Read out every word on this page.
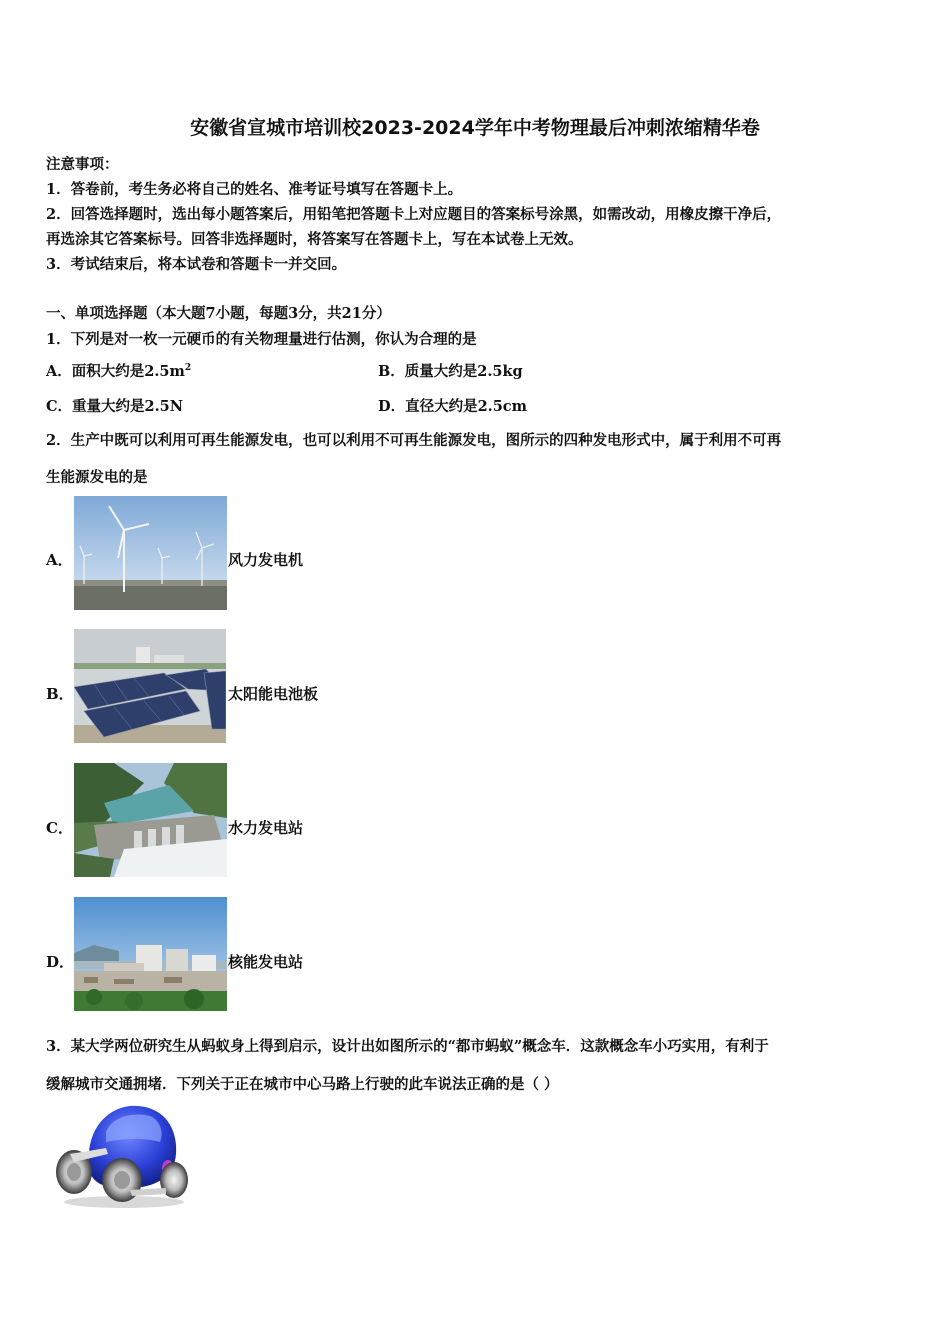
安徽省宣城市培训校2023-2024学年中考物理最后冲刺浓缩精华卷
注意事项：
1．答卷前，考生务必将自己的姓名、准考证号填写在答题卡上。
2．回答选择题时，选出每小题答案后，用铅笔把答题卡上对应题目的答案标号涂黑，如需改动，用橡皮擦干净后，
再选涂其它答案标号。回答非选择题时，将答案写在答题卡上，写在本试卷上无效。
3．考试结束后，将本试卷和答题卡一并交回。
一、单项选择题（本大题7小题，每题3分，共21分）
1．下列是对一枚一元硬币的有关物理量进行估测，你认为合理的是
A．面积大约是$2.5m^2$	B．质量大约是2.5kg
C．重量大约是2.5N	D．直径大约是2.5cm
2．生产中既可以利用可再生能源发电，也可以利用不可再生能源发电，图所示的四种发电形式中，属于利用不可再
生能源发电的是
A．	风力发电机
B．	太阳能电池板
C．	水力发电站
D．	核能发电站
3．某大学两位研究生从蚂蚁身上得到启示，设计出如图所示的“都市蚂蚁”概念车．这款概念车小巧实用，有利于
缓解城市交通拥堵．下列关于正在城市中心马路上行驶的此车说法正确的是（ ）
